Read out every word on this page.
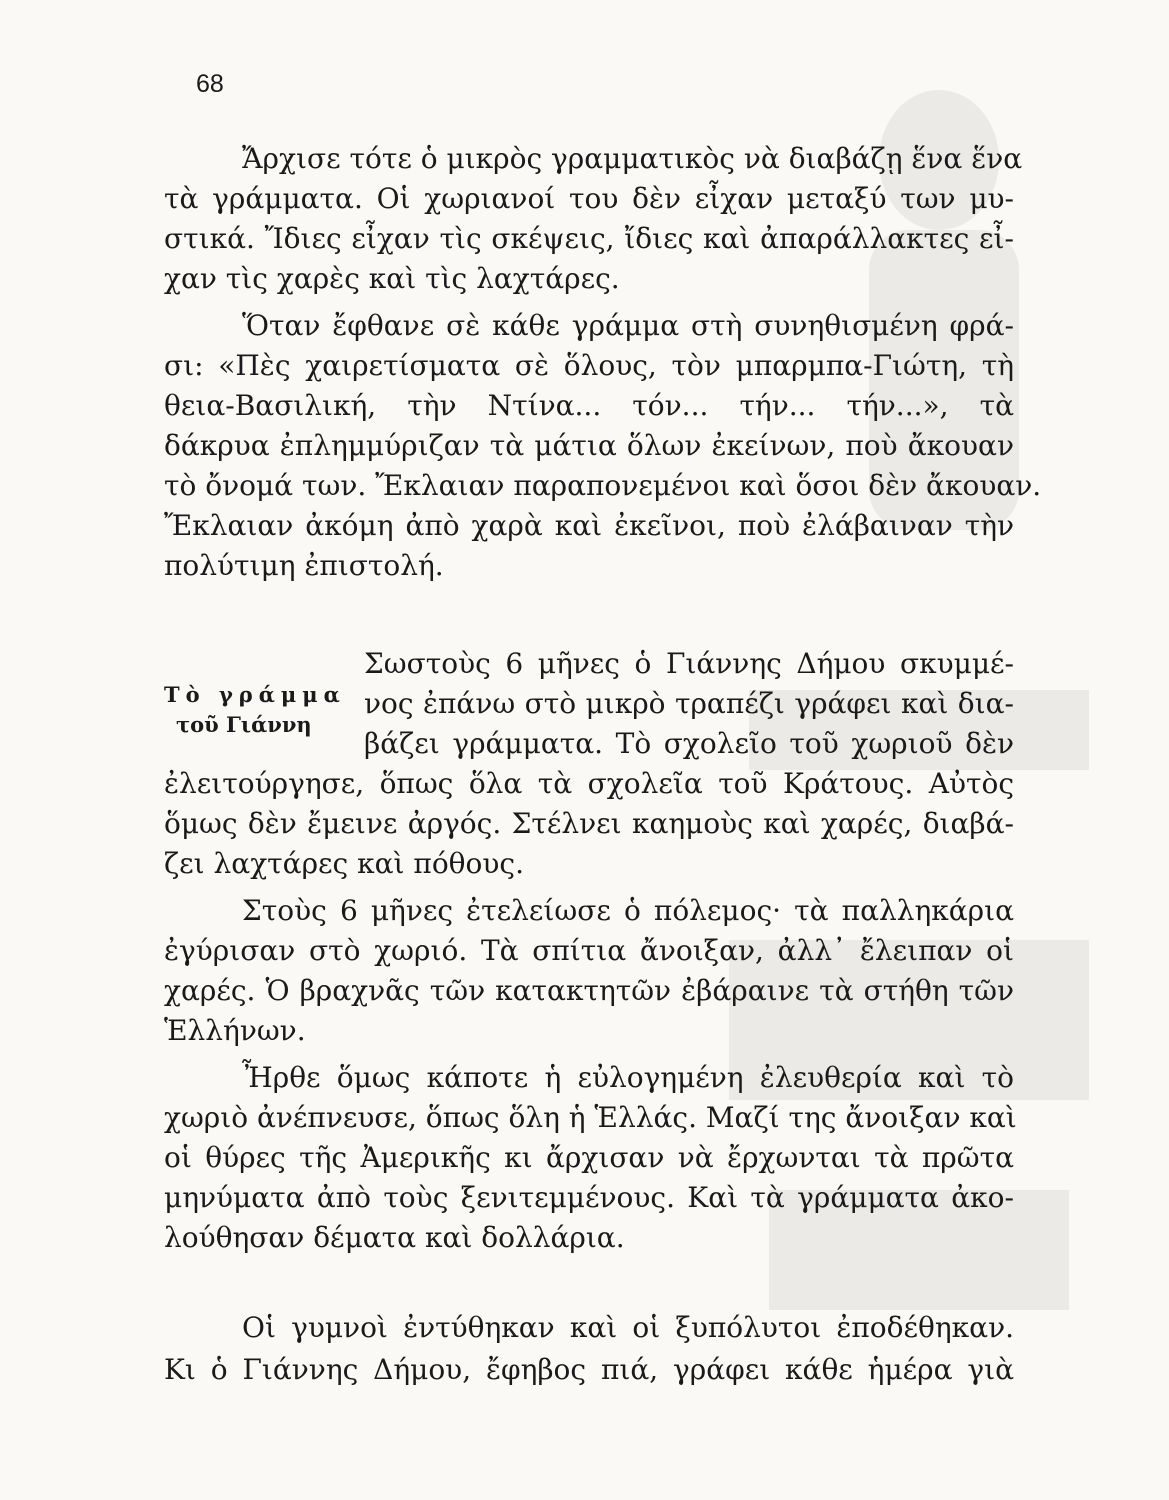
68
Ἄρχισε τότε ὁ μικρὸς γραμματικὸς νὰ διαβάζῃ ἕνα ἕνα
τὰ γράμματα. Οἱ χωριανοί του δὲν εἶχαν μεταξύ των μυ-
στικά. Ἴδιες εἶχαν τὶς σκέψεις, ἴδιες καὶ ἀπαράλλακτες εἶ-
χαν τὶς χαρὲς καὶ τὶς λαχτάρες.
Ὅταν ἔφθανε σὲ κάθε γράμμα στὴ συνηθισμένη φρά-
σι: «Πὲς χαιρετίσματα σὲ ὅλους, τὸν μπαρμπα-Γιώτη, τὴ
θεια-Βασιλική, τὴν Ντίνα... τόν... τήν... τήν...», τὰ
δάκρυα ἐπλημμύριζαν τὰ μάτια ὅλων ἐκείνων, ποὺ ἄκουαν
τὸ ὄνομά των. Ἔκλαιαν παραπονεμένοι καὶ ὅσοι δὲν ἄκουαν.
Ἔκλαιαν ἀκόμη ἀπὸ χαρὰ καὶ ἐκεῖνοι, ποὺ ἐλάβαιναν τὴν
πολύτιμη ἐπιστολή.
Τὸ γράμμα
τοῦ Γιάννη
Σωστοὺς 6 μῆνες ὁ Γιάννης Δήμου σκυμμέ-
νος ἐπάνω στὸ μικρὸ τραπέζι γράφει καὶ δια-
βάζει γράμματα. Τὸ σχολεῖο τοῦ χωριοῦ δὲν
ἐλειτούργησε, ὅπως ὅλα τὰ σχολεῖα τοῦ Κράτους. Αὐτὸς
ὅμως δὲν ἔμεινε ἀργός. Στέλνει καημοὺς καὶ χαρές, διαβά-
ζει λαχτάρες καὶ πόθους.
Στοὺς 6 μῆνες ἐτελείωσε ὁ πόλεμος· τὰ παλληκάρια
ἐγύρισαν στὸ χωριό. Τὰ σπίτια ἄνοιξαν, ἀλλ᾿ ἔλειπαν οἱ
χαρές. Ὁ βραχνᾶς τῶν κατακτητῶν ἐβάραινε τὰ στήθη τῶν
Ἑλλήνων.
Ἦρθε ὅμως κάποτε ἡ εὐλογημένη ἐλευθερία καὶ τὸ
χωριὸ ἀνέπνευσε, ὅπως ὅλη ἡ Ἑλλάς. Μαζί της ἄνοιξαν καὶ
οἱ θύρες τῆς Ἀμερικῆς κι ἄρχισαν νὰ ἔρχωνται τὰ πρῶτα
μηνύματα ἀπὸ τοὺς ξενιτεμμένους. Καὶ τὰ γράμματα ἀκο-
λούθησαν δέματα καὶ δολλάρια.
Οἱ γυμνοὶ ἐντύθηκαν καὶ οἱ ξυπόλυτοι ἐποδέθηκαν.
Κι ὁ Γιάννης Δήμου, ἔφηβος πιά, γράφει κάθε ἡμέρα γιὰ
